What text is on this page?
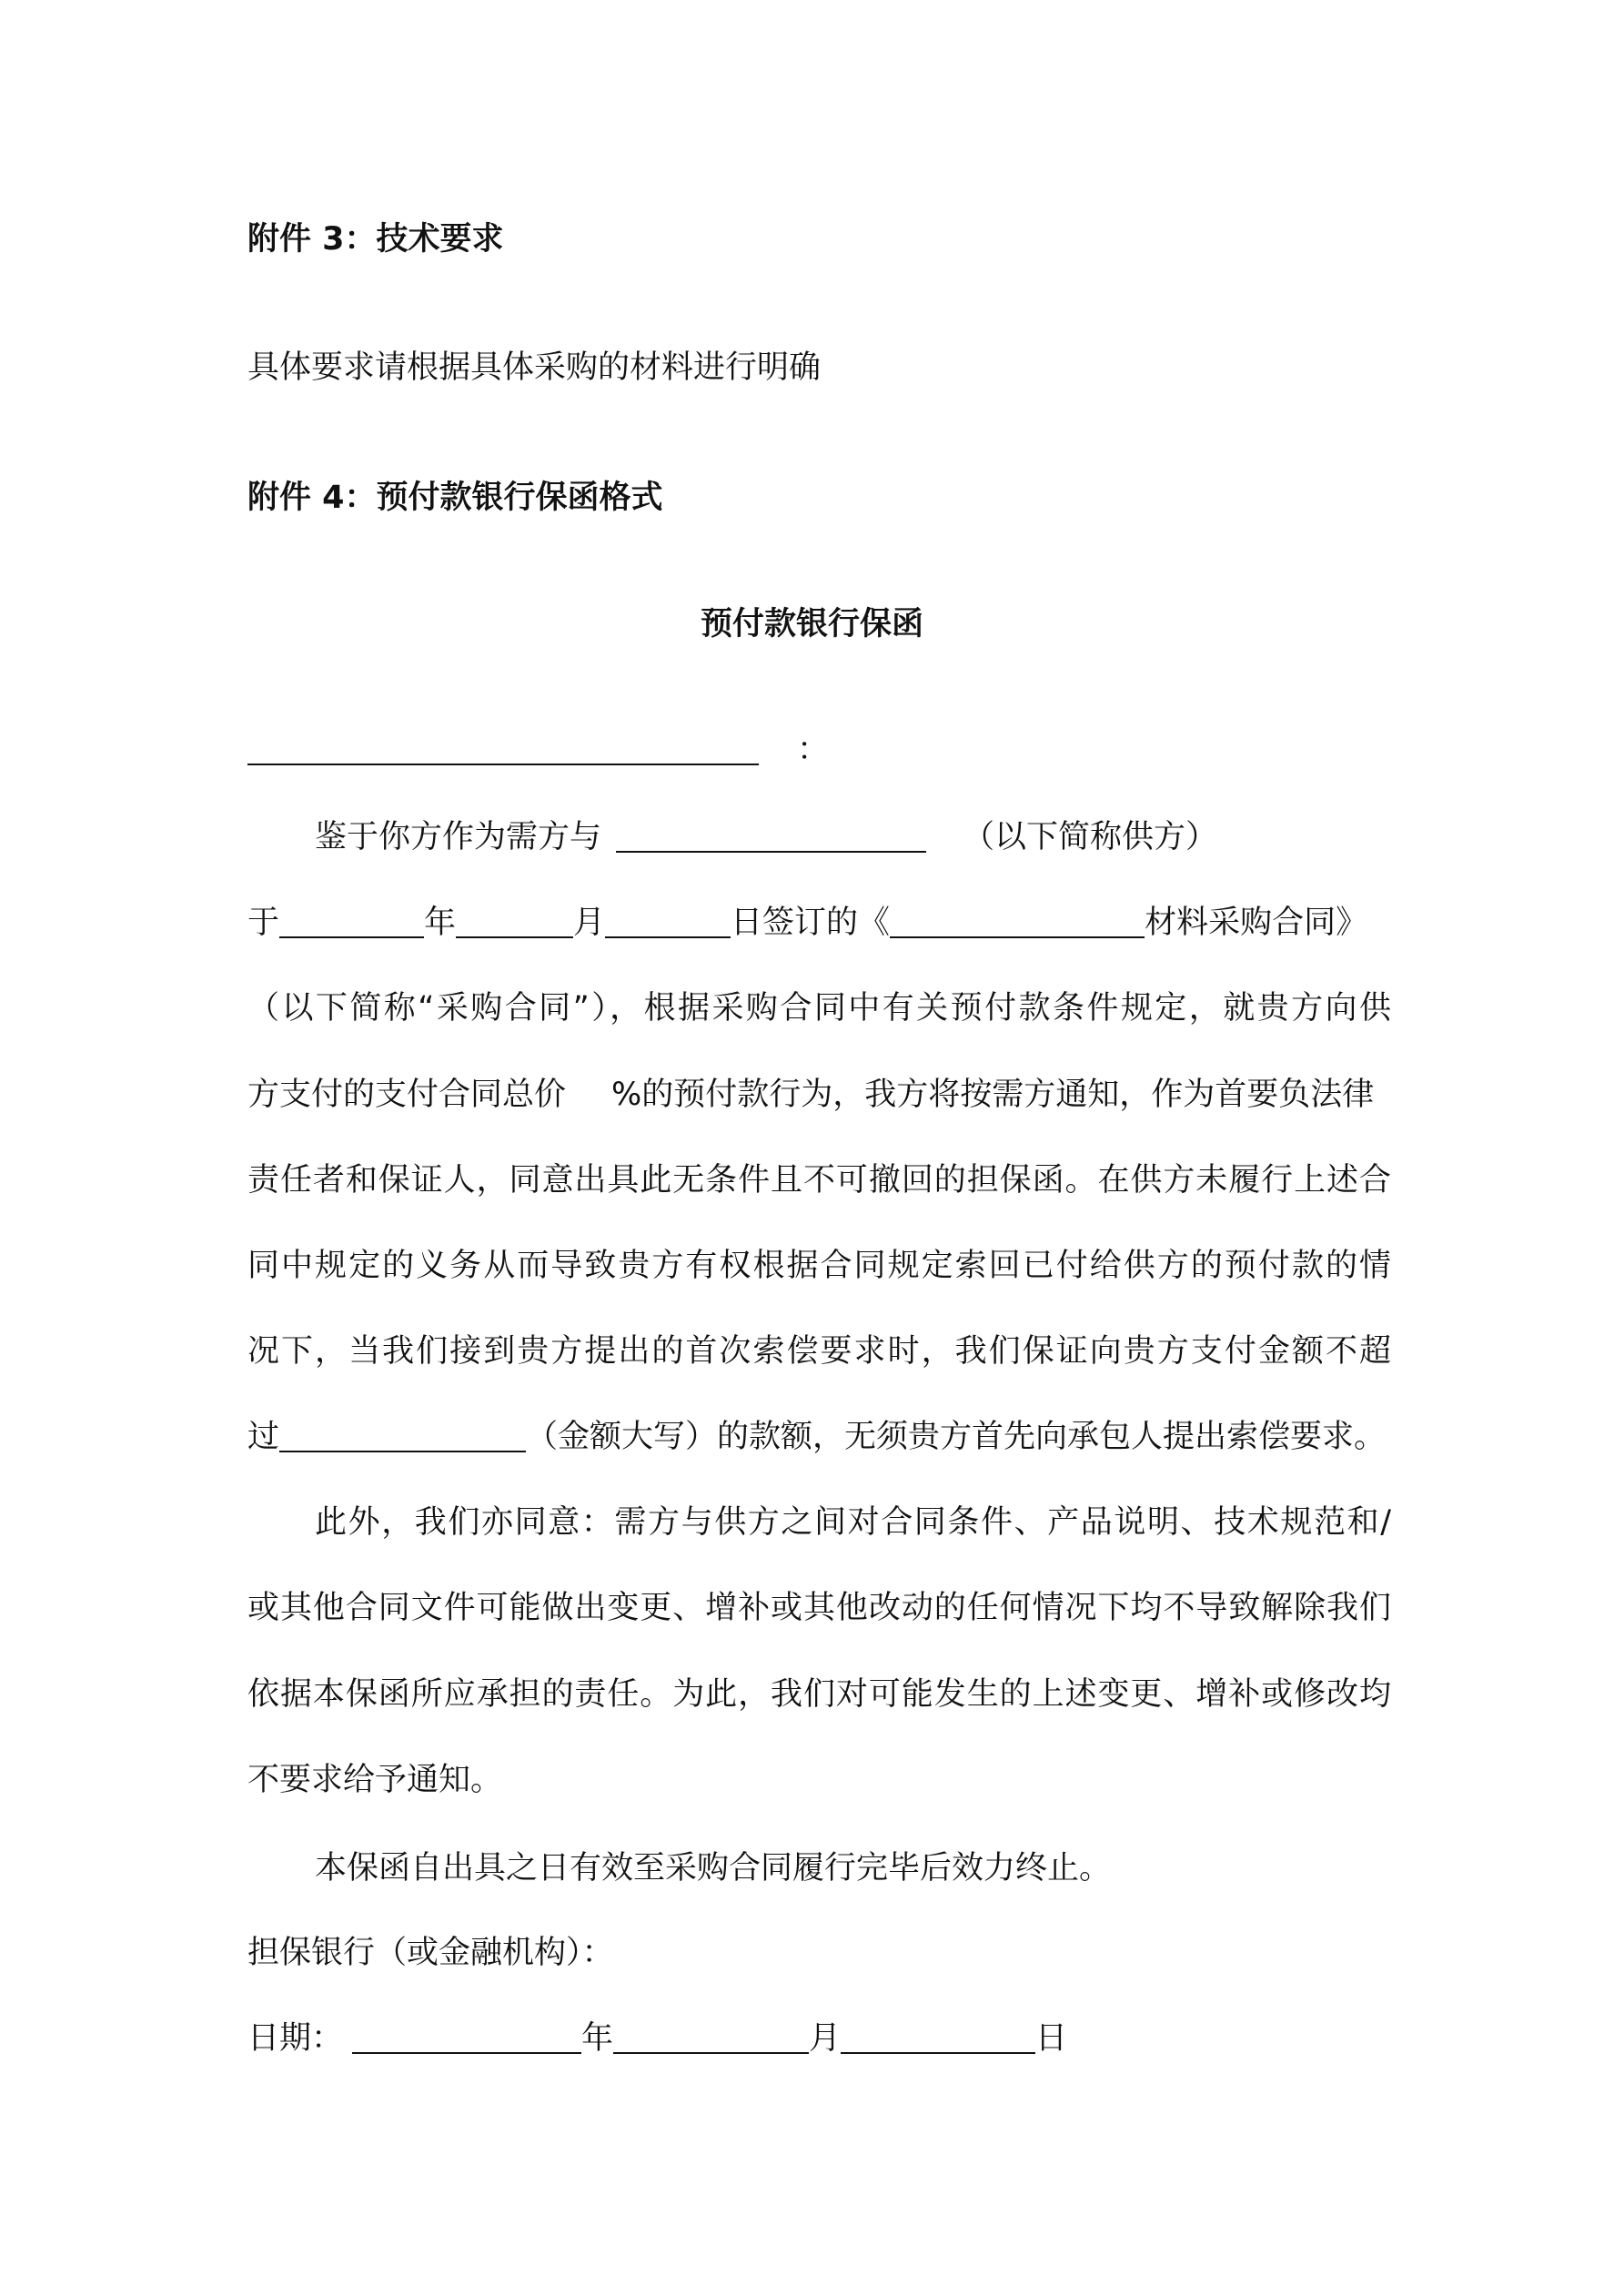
附件 3：技术要求
具体要求请根据具体采购的材料进行明确
附件 4：预付款银行保函格式
预付款银行保函
：
鉴于你方作为需方与	（以下简称供方）
于	年	月	日签订的《	材料采购合同》
（以下简称“采购合同”），根据采购合同中有关预付款条件规定，就贵方向供
方支付的支付合同总价 %的预付款行为，我方将按需方通知，作为首要负法律
责任者和保证人，同意出具此无条件且不可撤回的担保函。在供方未履行上述合
同中规定的义务从而导致贵方有权根据合同规定索回已付给供方的预付款的情
况下，当我们接到贵方提出的首次索偿要求时，我们保证向贵方支付金额不超
过	（金额大写）的款额，无须贵方首先向承包人提出索偿要求。
此外，我们亦同意：需方与供方之间对合同条件、产品说明、技术规范和/
或其他合同文件可能做出变更、增补或其他改动的任何情况下均不导致解除我们
依据本保函所应承担的责任。为此，我们对可能发生的上述变更、增补或修改均
不要求给予通知。
本保函自出具之日有效至采购合同履行完毕后效力终止。
担保银行（或金融机构）：
日期：	年	月	日
